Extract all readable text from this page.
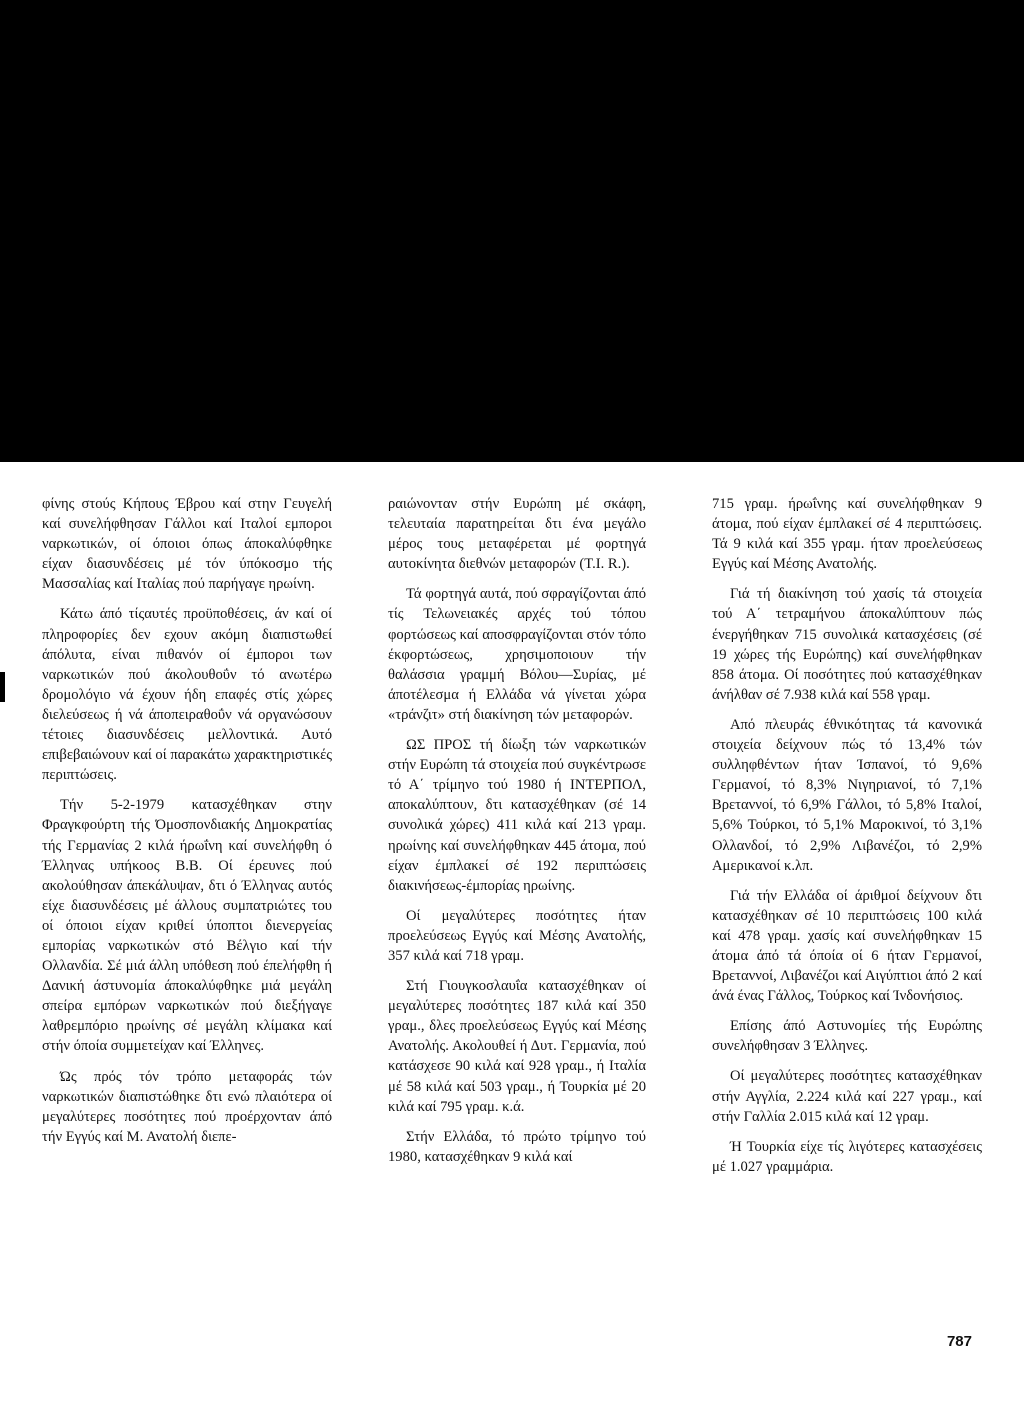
φίνης στούς Κήπους Έβρου καί στην Γευγελή καί συνελήφθησαν Γάλλοι καί Ιταλοί εμποροι ναρκωτικών, οί όποιοι όπως άποκαλύφθηκε είχαν διασυνδέσεις μέ τόν ύπόκοσμο τής Μασσαλίας καί Ιταλίας πού παρήγαγε ηρωίνη.

Κάτω άπό τίςαυτές προϋποθέσεις, άν καί οί πληροφορίες δεν εχουν ακόμη διαπιστωθεί άπόλυτα, είναι πιθανόν οί έμποροι των ναρκωτικών πού άκολουθοΰν τό ανωτέρω δρομολόγιο νά έχουν ήδη επαφές στίς χώρες διελεύσεως ή νά άποπειραθοΰν νά οργανώσουν τέτοιες διασυνδέσεις μελλοντικά. Αυτό επιβεβαιώνουν καί οί παρακάτω χαρακτηριστικές περιπτώσεις.

Τήν 5-2-1979 κατασχέθηκαν στην Φραγκφούρτη τής Όμοσπονδιακής Δημοκρατίας τής Γερμανίας 2 κιλά ήρωΐνη καί συνελήφθη ό Έλληνας υπήκοος Β.Β. Οί έρευνες πού ακολούθησαν άπεκάλυψαν, δτι ό Έλληνας αυτός είχε διασυνδέσεις μέ άλλους συμπατριώτες του οί όποιοι είχαν κριθεί ύποπτοι διενεργείας εμπορίας ναρκωτικών στό Βέλγιο καί τήν Ολλανδία. Σέ μιά άλλη υπόθεση πού έπελήφθη ή Δανική άστυνομία άποκαλύφθηκε μιά μεγάλη σπείρα εμπόρων ναρκωτικών πού διεξήγαγε λαθρεμπόριο ηρωίνης σέ μεγάλη κλίμακα καί στήν όποία συμμετείχαν καί Έλληνες.

Ώς πρός τόν τρόπο μεταφοράς τών ναρκωτικών διαπιστώθηκε δτι ενώ πλαιότερα οί μεγαλύτερες ποσότητες πού προέρχονταν άπό τήν Εγγύς καί Μ. Ανατολή διεπε-

ραιώνονταν στήν Ευρώπη μέ σκάφη, τελευταία παρατηρείται δτι ένα μεγάλο μέρος τους μεταφέρεται μέ φορτηγά αυτοκίνητα διεθνών μεταφορών (T.I. R.).

Τά φορτηγά αυτά, πού σφραγίζονται άπό τίς Τελωνειακές αρχές τού τόπου φορτώσεως καί αποσφραγίζονται στόν τόπο έκφορτώσεως, χρησιμοποιουν τήν θαλάσσια γραμμή Βόλου—Συρίας, μέ άποτέλεσμα ή Ελλάδα νά γίνεται χώρα «τράνζιτ» στή διακίνηση τών μεταφορών.

ΩΣ ΠΡΟΣ τή δίωξη τών ναρκωτικών στήν Ευρώπη τά στοιχεία πού συγκέντρωσε τό Α΄ τρίμηνο τού 1980 ή ΙΝΤΕΡΠΟΛ, αποκαλύπτουν, δτι κατασχέθηκαν (σέ 14 συνολικά χώρες) 411 κιλά καί 213 γραμ. ηρωίνης καί συνελήφθηκαν 445 άτομα, πού είχαν έμπλακεί σέ 192 περιπτώσεις διακινήσεως-έμπορίας ηρωίνης.

Οί μεγαλύτερες ποσότητες ήταν προελεύσεως Εγγύς καί Μέσης Ανατολής, 357 κιλά καί 718 γραμ.

Στή Γιουγκοσλαυΐα κατασχέθηκαν οί μεγαλύτερες ποσότητες 187 κιλά καί 350 γραμ., δλες προελεύσεως Εγγύς καί Μέσης Ανατολής. Ακολουθεί ή Δυτ. Γερμανία, πού κατάσχεσε 90 κιλά καί 928 γραμ., ή Ιταλία μέ 58 κιλά καί 503 γραμ., ή Τουρκία μέ 20 κιλά καί 795 γραμ. κ.ά.

Στήν Ελλάδα, τό πρώτο τρίμηνο τού 1980, κατασχέθηκαν 9 κιλά καί

715 γραμ. ήρωΐνης καί συνελήφθηκαν 9 άτομα, πού είχαν έμπλακεί σέ 4 περιπτώσεις. Τά 9 κιλά καί 355 γραμ. ήταν προελεύσεως Εγγύς καί Μέσης Ανατολής.

Γιά τή διακίνηση τού χασίς τά στοιχεία τού Α΄ τετραμήνου άποκαλύπτουν πώς ένεργήθηκαν 715 συνολικά κατασχέσεις (σέ 19 χώρες τής Ευρώπης) καί συνελήφθηκαν 858 άτομα. Οί ποσότητες πού κατασχέθηκαν άνήλθαν σέ 7.938 κιλά καί 558 γραμ.

Από πλευράς έθνικότητας τά κανονικά στοιχεία δείχνουν πώς τό 13,4% τών συλληφθέντων ήταν Ίσπανοί, τό 9,6% Γερμανοί, τό 8,3% Νιγηριανοί, τό 7,1% Βρεταννοί, τό 6,9% Γάλλοι, τό 5,8% Ιταλοί, 5,6% Τούρκοι, τό 5,1% Μαροκινοί, τό 3,1% Ολλανδοί, τό 2,9% Λιβανέζοι, τό 2,9% Αμερικανοί κ.λπ.

Γιά τήν Ελλάδα οί άριθμοί δείχνουν δτι κατασχέθηκαν σέ 10 περιπτώσεις 100 κιλά καί 478 γραμ. χασίς καί συνελήφθηκαν 15 άτομα άπό τά όποία οί 6 ήταν Γερμανοί, Βρεταννοί, Λιβανέζοι καί Αιγύπτιοι άπό 2 καί άνά ένας Γάλλος, Τούρκος καί Ίνδονήσιος.

Επίσης άπό Αστυνομίες τής Ευρώπης συνελήφθησαν 3 Έλληνες.

Οί μεγαλύτερες ποσότητες κατασχέθηκαν στήν Αγγλία, 2.224 κιλά καί 227 γραμ., καί στήν Γαλλία 2.015 κιλά καί 12 γραμ.

Ή Τουρκία είχε τίς λιγότερες κατασχέσεις μέ 1.027 γραμμάρια.

787
